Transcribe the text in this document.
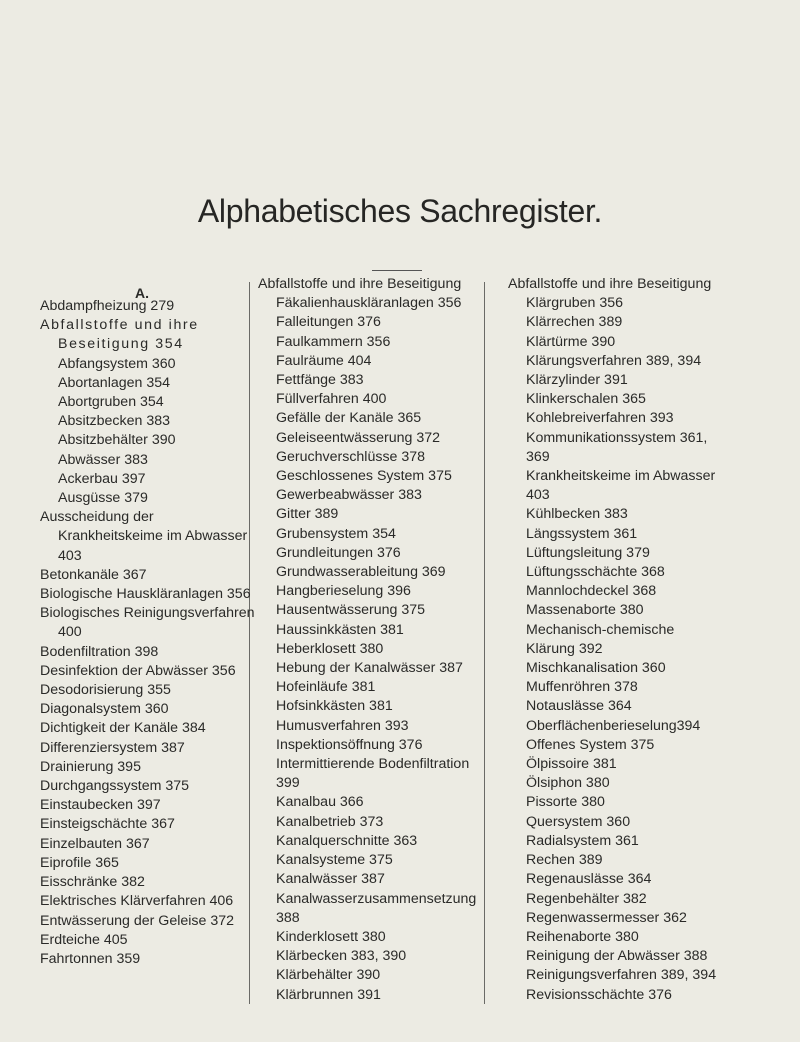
Alphabetisches Sachregister.
A.
Abdampfheizung 279
Abfallstoffe und ihre Beseitigung 354
Abfangsystem 360
Abortanlagen 354
Abortgruben 354
Absitzbecken 383
Absitzbehälter 390
Abwässer 383
Ackerbau 397
Ausgüsse 379
Ausscheidung der Krankheitskeime im Abwasser 403
Betonkanäle 367
Biologische Hauskläranlagen 356
Biologisches Reinigungsverfahren 400
Bodenfiltration 398
Desinfektion der Abwässer 356
Desodorisierung 355
Diagonalsystem 360
Dichtigkeit der Kanäle 384
Differenziersystem 387
Drainierung 395
Durchgangssystem 375
Einstaubecken 397
Einsteigschächte 367
Einzelbauten 367
Eiprofile 365
Eisschränke 382
Elektrisches Klärverfahren 406
Entwässerung der Geleise 372
Erdteiche 405
Fahrtonnen 359
Abfallstoffe und ihre Beseitigung
Fäkalienhauskläranlagen 356
Falleitungen 376
Faulkammern 356
Faulräume 404
Fettfänge 383
Füllverfahren 400
Gefälle der Kanäle 365
Geleiseentwässerung 372
Geruchverschlüsse 378
Geschlossenes System 375
Gewerbeabwässer 383
Gitter 389
Grubensystem 354
Grundleitungen 376
Grundwasserableitung 369
Hangberieselung 396
Hausentwässerung 375
Haussinkkästen 381
Heberklosett 380
Hebung der Kanalwässer 387
Hofeinläufe 381
Hofsinkkästen 381
Humusverfahren 393
Inspektionsöffnung 376
Intermittierende Bodenfiltration 399
Kanalbau 366
Kanalbetrieb 373
Kanalquerschnitte 363
Kanalsysteme 375
Kanalwässer 387
Kanalwasserzusammensetzung 388
Kinderklosett 380
Klärbecken 383, 390
Klärbehälter 390
Klärbrunnen 391
Abfallstoffe und ihre Beseitigung
Klärgruben 356
Klärrechen 389
Klärtürme 390
Klärungsverfahren 389, 394
Klärzylinder 391
Klinkerschalen 365
Kohlebreiverfahren 393
Kommunikationssystem 361, 369
Krankheitskeime im Abwasser 403
Kühlbecken 383
Längssystem 361
Lüftungsleitung 379
Lüftungsschächte 368
Mannlochdeckel 368
Massenaborte 380
Mechanisch-chemische Klärung 392
Mischkanalisation 360
Muffenröhren 378
Notauslässe 364
Oberflächenberieselung394
Offenes System 375
Ölpissoire 381
Ölsiphon 380
Pissorte 380
Quersystem 360
Radialsystem 361
Rechen 389
Regenauslässe 364
Regenbehälter 382
Regenwassermesser 362
Reihenaborte 380
Reinigung der Abwässer 388
Reinigungsverfahren 389, 394
Revisionsschächte 376
